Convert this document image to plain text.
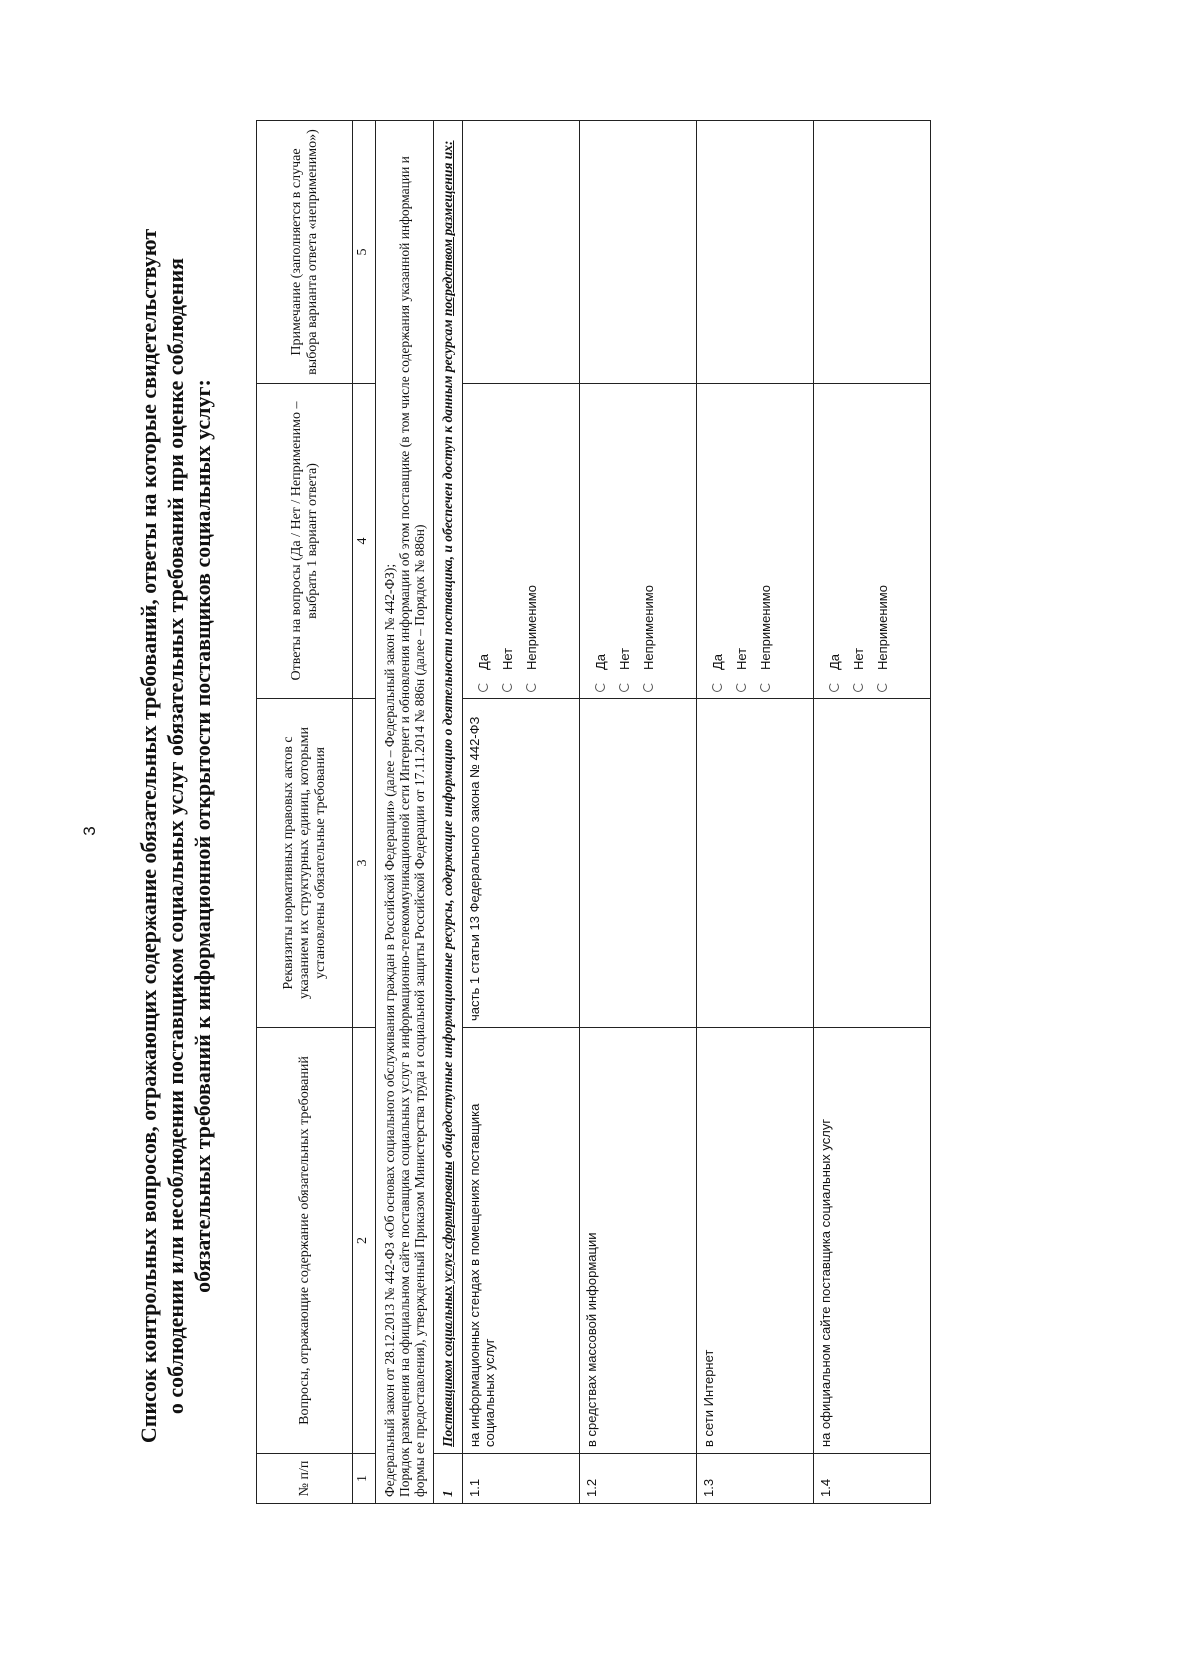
3 Список контрольных вопросов, отражающих содержание обязательных требований, ответы на которые свидетельствуют о соблюдении или несоблюдении поставщиком социальных услуг обязательных требований при оценке соблюдения обязательных требований к информационной открытости поставщиков социальных услуг:
№ п/п	Вопросы, отражающие содержание обязательных требований	Реквизиты нормативных правовых актов с указанием их структурных единиц, которыми установлены обязательные требования	Ответы на вопросы (Да / Нет / Неприменимо – выбрать 1 вариант ответа)	Примечание (заполняется в случае выбора варианта ответа «неприменимо»)
1	2	3	4	5
Федеральный закон от 28.12.2013 № 442-ФЗ «Об основах социального обслуживания граждан в Российской Федерации» (далее – Федеральный закон № 442-ФЗ);
Порядок размещения на официальном сайте поставщика социальных услуг в информационно-телекоммуникационной сети Интернет и обновления информации об этом поставщике (в том числе содержания указанной информации и формы ее предоставления), утвержденный Приказом Министерства труда и социальной защиты Российской Федерации от 17.11.2014 № 886н (далее – Порядок № 886н)				
1	Поставщиком социальных услуг сформированы общедоступные информационные ресурсы, содержащие информацию о деятельности поставщика, и обеспечен доступ к данным ресурсам посредством размещения их:			
1.1	на информационных стендах в помещениях поставщика социальных услуг	часть 1 статьи 13 Федерального закона № 442-ФЗ	Да Нет Неприменимо	

1.2	в средствах массовой информации		Да Нет Неприменимо	

1.3	в сети Интернет		Да Нет Неприменимо	

1.4	на официальном сайте поставщика социальных услуг		Да Нет Неприменимо	
